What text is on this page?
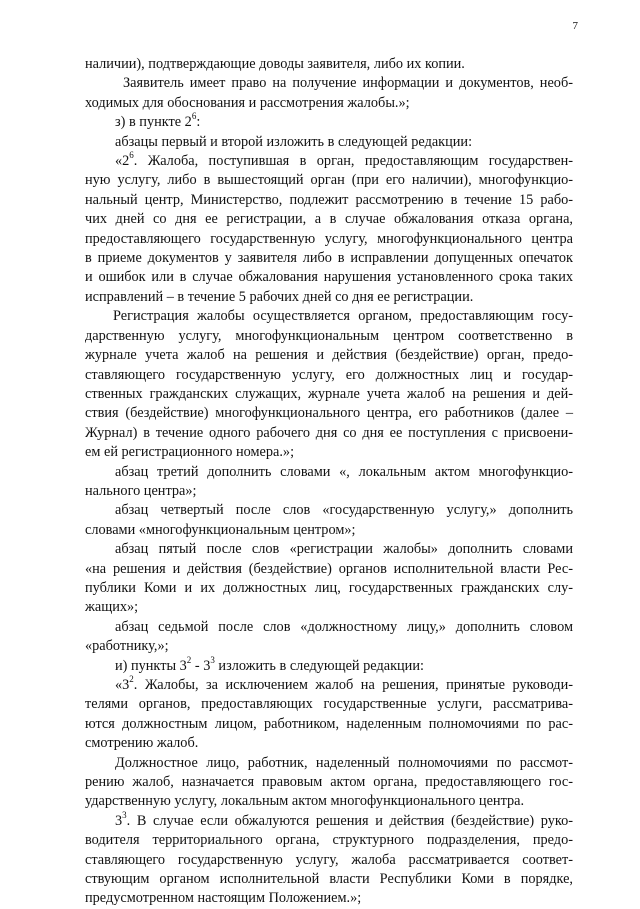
7
наличии), подтверждающие доводы заявителя, либо их копии.
Заявитель имеет право на получение информации и документов, необ-
ходимых для обоснования и рассмотрения жалобы.»;
з) в пункте $2^6$:
абзацы первый и второй изложить в следующей редакции:
«$2^6$. Жалоба, поступившая в орган, предоставляющим государствен-
ную услугу, либо в вышестоящий орган (при его наличии), многофункцио-
нальный центр, Министерство, подлежит рассмотрению в течение 15 рабо-
чих дней со дня ее регистрации, а в случае обжалования отказа органа,
предоставляющего государственную услугу, многофункционального центра
в приеме документов у заявителя либо в исправлении допущенных опечаток
и ошибок или в случае обжалования нарушения установленного срока таких
исправлений – в течение 5 рабочих дней со дня ее регистрации.
Регистрация жалобы осуществляется органом, предоставляющим госу-
дарственную услугу, многофункциональным центром соответственно в
журнале учета жалоб на решения и действия (бездействие) орган, предо-
ставляющего государственную услугу, его должностных лиц и государ-
ственных гражданских служащих, журнале учета жалоб на решения и дей-
ствия (бездействие) многофункционального центра, его работников (далее –
Журнал) в течение одного рабочего дня со дня ее поступления с присвоени-
ем ей регистрационного номера.»;
абзац третий дополнить словами «, локальным актом многофункцио-
нального центра»;
абзац четвертый после слов «государственную услугу,» дополнить
словами «многофункциональным центром»;
абзац пятый после слов «регистрации жалобы» дополнить словами
«на решения и действия (бездействие) органов исполнительной власти Рес-
публики Коми и их должностных лиц, государственных гражданских слу-
жащих»;
абзац седьмой после слов «должностному лицу,» дополнить словом
«работнику,»;
и) пункты $3^2 - 3^3$ изложить в следующей редакции:
«$3^2$. Жалобы, за исключением жалоб на решения, принятые руководи-
телями органов, предоставляющих государственные услуги, рассматрива-
ются должностным лицом, работником, наделенным полномочиями по рас-
смотрению жалоб.
Должностное лицо, работник, наделенный полномочиями по рассмот-
рению жалоб, назначается правовым актом органа, предоставляющего гос-
ударственную услугу, локальным актом многофункционального центра.
$3^3$. В случае если обжалуются решения и действия (бездействие) руко-
водителя территориального органа, структурного подразделения, предо-
ставляющего государственную услугу, жалоба рассматривается соответ-
ствующим органом исполнительной власти Республики Коми в порядке,
предусмотренном настоящим Положением.»;
